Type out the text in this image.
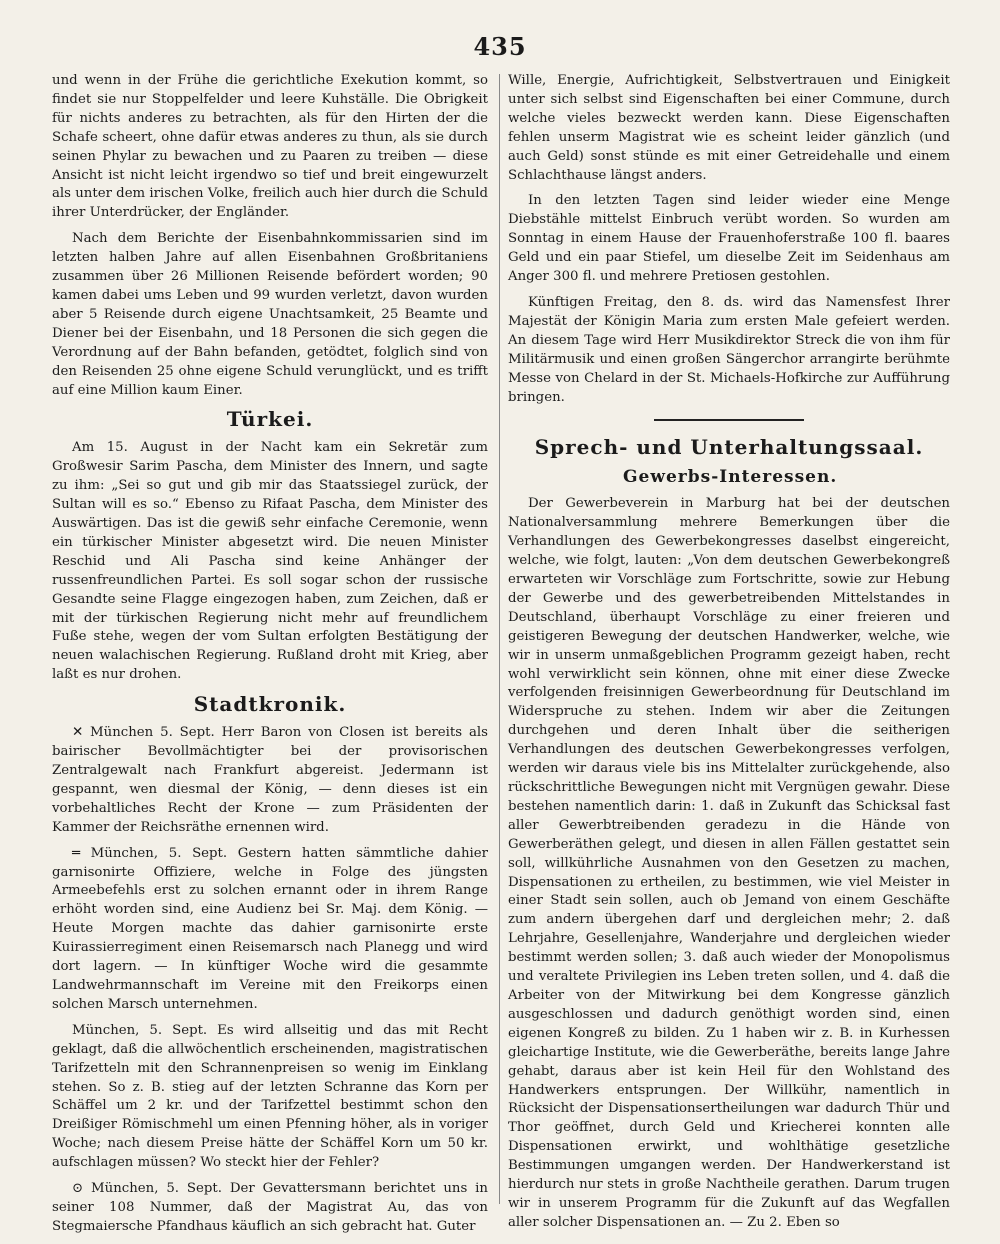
435

und wenn in der Frühe die gerichtliche Exekution kommt, so findet sie nur Stoppelfelder und leere Kuhställe. Die Obrigkeit für nichts anderes zu betrachten, als für den Hirten der die Schafe scheert, ohne dafür etwas anderes zu thun, als sie durch seinen Phylar zu bewachen und zu Paaren zu treiben — diese Ansicht ist nicht leicht irgendwo so tief und breit eingewurzelt als unter dem irischen Volke, freilich auch hier durch die Schuld ihrer Unterdrücker, der Engländer.

Nach dem Berichte der Eisenbahnkommissarien sind im letzten halben Jahre auf allen Eisenbahnen Großbritaniens zusammen über 26 Millionen Reisende befördert worden; 90 kamen dabei ums Leben und 99 wurden verletzt, davon wurden aber 5 Reisende durch eigene Unachtsamkeit, 25 Beamte und Diener bei der Eisenbahn, und 18 Personen die sich gegen die Verordnung auf der Bahn befanden, getödtet, folglich sind von den Reisenden 25 ohne eigene Schuld verunglückt, und es trifft auf eine Million kaum Einer.

Türkei.

Am 15. August in der Nacht kam ein Sekretär zum Großwesir Sarim Pascha, dem Minister des Innern, und sagte zu ihm: „Sei so gut und gib mir das Staatssiegel zurück, der Sultan will es so.“ Ebenso zu Rifaat Pascha, dem Minister des Auswärtigen. Das ist die gewiß sehr einfache Ceremonie, wenn ein türkischer Minister abgesetzt wird. Die neuen Minister Reschid und Ali Pascha sind keine Anhänger der russenfreundlichen Partei. Es soll sogar schon der russische Gesandte seine Flagge eingezogen haben, zum Zeichen, daß er mit der türkischen Regierung nicht mehr auf freundlichem Fuße stehe, wegen der vom Sultan erfolgten Bestätigung der neuen walachischen Regierung. Rußland droht mit Krieg, aber laßt es nur drohen.

Stadtkronik.

✕ München 5. Sept. Herr Baron von Closen ist bereits als bairischer Bevollmächtigter bei der provisorischen Zentralgewalt nach Frankfurt abgereist. Jedermann ist gespannt, wen diesmal der König, — denn dieses ist ein vorbehaltliches Recht der Krone — zum Präsidenten der Kammer der Reichsräthe ernennen wird.

═ München, 5. Sept. Gestern hatten sämmtliche dahier garnisonirte Offiziere, welche in Folge des jüngsten Armeebefehls erst zu solchen ernannt oder in ihrem Range erhöht worden sind, eine Audienz bei Sr. Maj. dem König. — Heute Morgen machte das dahier garnisonirte erste Kuirassierregiment einen Reisemarsch nach Planegg und wird dort lagern. — In künftiger Woche wird die gesammte Landwehrmannschaft im Vereine mit den Freikorps einen solchen Marsch unternehmen.

München, 5. Sept. Es wird allseitig und das mit Recht geklagt, daß die allwöchentlich erscheinenden, magistratischen Tarifzetteln mit den Schrannenpreisen so wenig im Einklang stehen. So z. B. stieg auf der letzten Schranne das Korn per Schäffel um 2 kr. und der Tarifzettel bestimmt schon den Dreißiger Römischmehl um einen Pfenning höher, als in voriger Woche; nach diesem Preise hätte der Schäffel Korn um 50 kr. aufschlagen müssen? Wo steckt hier der Fehler?

⊙ München, 5. Sept. Der Gevattersmann berichtet uns in seiner 108 Nummer, daß der Magistrat Au, das von Stegmaiersche Pfandhaus käuflich an sich gebracht hat. Guter

Wille, Energie, Aufrichtigkeit, Selbstvertrauen und Einigkeit unter sich selbst sind Eigenschaften bei einer Commune, durch welche vieles bezweckt werden kann. Diese Eigenschaften fehlen unserm Magistrat wie es scheint leider gänzlich (und auch Geld) sonst stünde es mit einer Getreidehalle und einem Schlachthause längst anders.

In den letzten Tagen sind leider wieder eine Menge Diebstähle mittelst Einbruch verübt worden. So wurden am Sonntag in einem Hause der Frauenhoferstraße 100 fl. baares Geld und ein paar Stiefel, um dieselbe Zeit im Seidenhaus am Anger 300 fl. und mehrere Pretiosen gestohlen.

Künftigen Freitag, den 8. ds. wird das Namensfest Ihrer Majestät der Königin Maria zum ersten Male gefeiert werden. An diesem Tage wird Herr Musikdirektor Streck die von ihm für Militärmusik und einen großen Sängerchor arrangirte berühmte Messe von Chelard in der St. Michaels-Hofkirche zur Aufführung bringen.

Sprech- und Unterhaltungssaal.
Gewerbs-Interessen.

Der Gewerbeverein in Marburg hat bei der deutschen Nationalversammlung mehrere Bemerkungen über die Verhandlungen des Gewerbekongresses daselbst eingereicht, welche, wie folgt, lauten: „Von dem deutschen Gewerbekongreß erwarteten wir Vorschläge zum Fortschritte, sowie zur Hebung der Gewerbe und des gewerbetreibenden Mittelstandes in Deutschland, überhaupt Vorschläge zu einer freieren und geistigeren Bewegung der deutschen Handwerker, welche, wie wir in unserm unmaßgeblichen Programm gezeigt haben, recht wohl verwirklicht sein können, ohne mit einer diese Zwecke verfolgenden freisinnigen Gewerbeordnung für Deutschland im Widerspruche zu stehen. Indem wir aber die Zeitungen durchgehen und deren Inhalt über die seitherigen Verhandlungen des deutschen Gewerbekongresses verfolgen, werden wir daraus viele bis ins Mittelalter zurückgehende, also rückschrittliche Bewegungen nicht mit Vergnügen gewahr. Diese bestehen namentlich darin: 1. daß in Zukunft das Schicksal fast aller Gewerbtreibenden geradezu in die Hände von Gewerberäthen gelegt, und diesen in allen Fällen gestattet sein soll, willkührliche Ausnahmen von den Gesetzen zu machen, Dispensationen zu ertheilen, zu bestimmen, wie viel Meister in einer Stadt sein sollen, auch ob Jemand von einem Geschäfte zum andern übergehen darf und dergleichen mehr; 2. daß Lehrjahre, Gesellenjahre, Wanderjahre und dergleichen wieder bestimmt werden sollen; 3. daß auch wieder der Monopolismus und veraltete Privilegien ins Leben treten sollen, und 4. daß die Arbeiter von der Mitwirkung bei dem Kongresse gänzlich ausgeschlossen und dadurch genöthigt worden sind, einen eigenen Kongreß zu bilden. Zu 1 haben wir z. B. in Kurhessen gleichartige Institute, wie die Gewerberäthe, bereits lange Jahre gehabt, daraus aber ist kein Heil für den Wohlstand des Handwerkers entsprungen. Der Willkühr, namentlich in Rücksicht der Dispensationsertheilungen war dadurch Thür und Thor geöffnet, durch Geld und Kriecherei konnten alle Dispensationen erwirkt, und wohlthätige gesetzliche Bestimmungen umgangen werden. Der Handwerkerstand ist hierdurch nur stets in große Nachtheile gerathen. Darum trugen wir in unserem Programm für die Zukunft auf das Wegfallen aller solcher Dispensationen an. — Zu 2. Eben so
